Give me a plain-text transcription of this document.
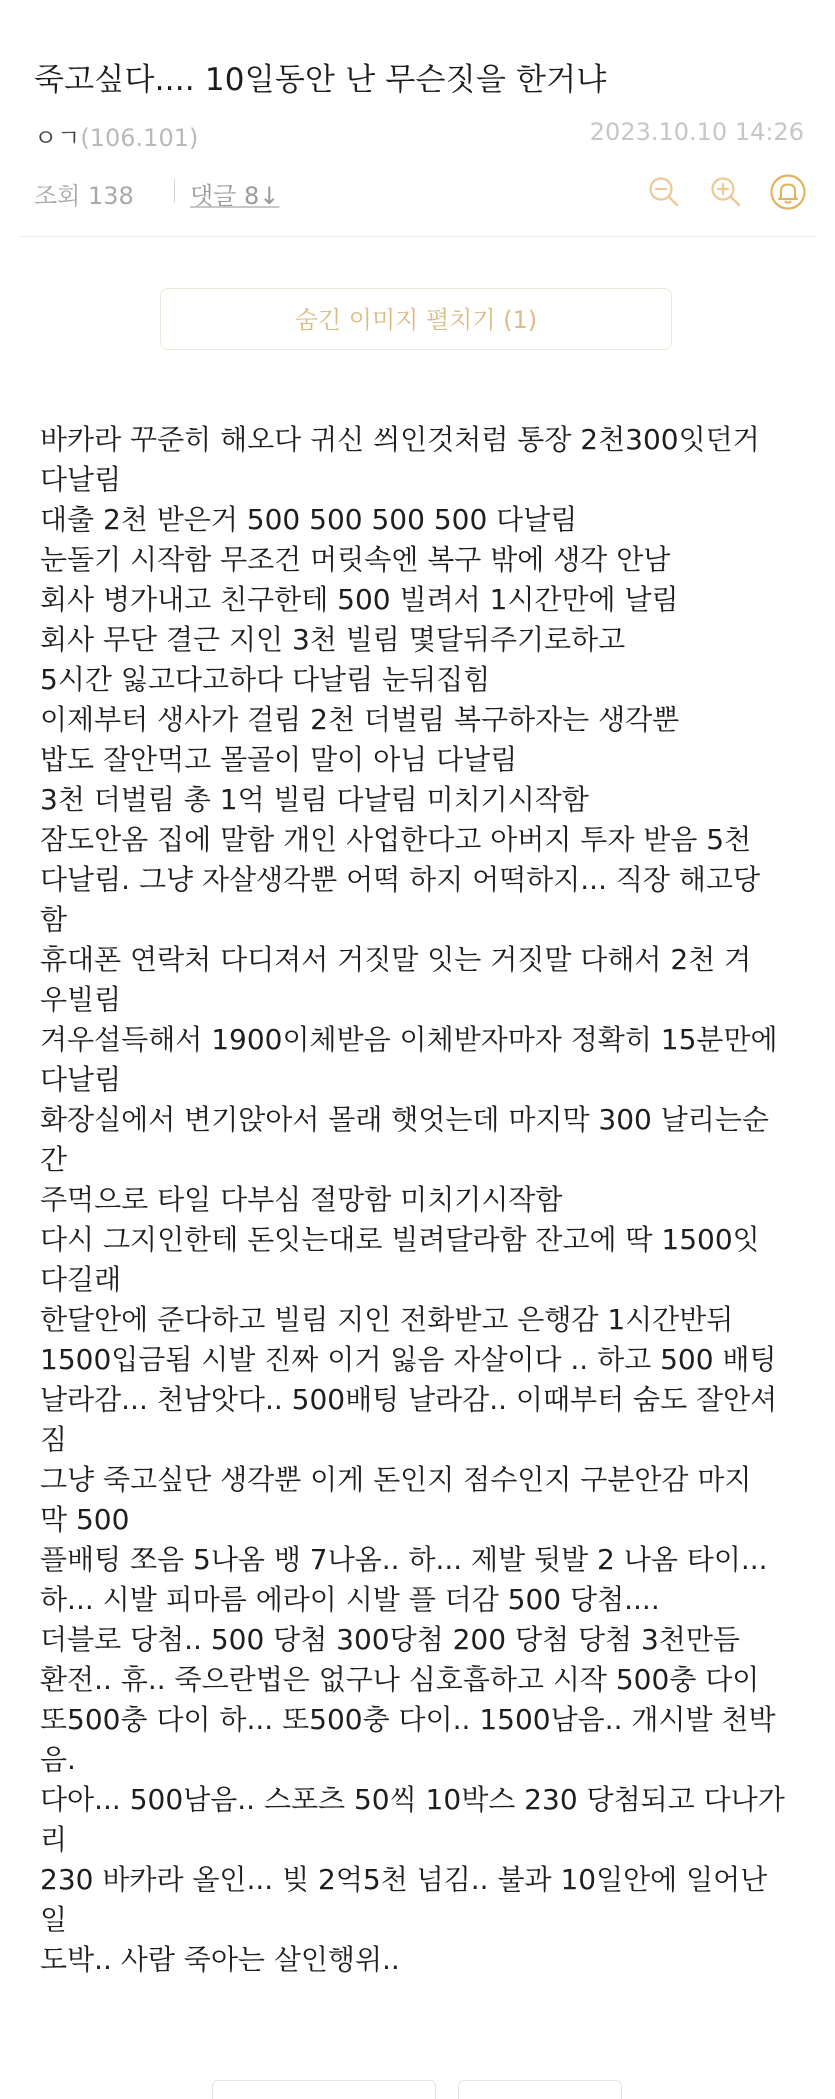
죽고싶다.... 10일동안 난 무슨짓을 한거냐
ㅇㄱ(106.101)	2023.10.10 14:26
조회 138 댓글 8↓
숨긴 이미지 펼치기 (1)
바카라 꾸준히 해오다 귀신 씌인것처럼 통장 2천300잇던거
다날림
대출 2천 받은거 500 500 500 500 다날림
눈돌기 시작함 무조건 머릿속엔 복구 밖에 생각 안남
회사 병가내고 친구한테 500 빌려서 1시간만에 날림
회사 무단 결근 지인 3천 빌림 몇달뒤주기로하고
5시간 잃고다고하다 다날림 눈뒤집힘
이제부터 생사가 걸림 2천 더벌림 복구하자는 생각뿐
밥도 잘안먹고 몰골이 말이 아님 다날림
3천 더벌림 총 1억 빌림 다날림 미치기시작함
잠도안옴 집에 말함 개인 사업한다고 아버지 투자 받음 5천
다날림. 그냥 자살생각뿐 어떡 하지 어떡하지... 직장 해고당
함
휴대폰 연락처 다디져서 거짓말 잇는 거짓말 다해서 2천 겨
우빌림
겨우설득해서 1900이체받음 이체받자마자 정확히 15분만에
다날림
화장실에서 변기앉아서 몰래 햇엇는데 마지막 300 날리는순
간
주먹으로 타일 다부심 절망함 미치기시작함
다시 그지인한테 돈잇는대로 빌려달라함 잔고에 딱 1500잇
다길래
한달안에 준다하고 빌림 지인 전화받고 은행감 1시간반뒤
1500입금됨 시발 진짜 이거 잃음 자살이다 .. 하고 500 배팅
날라감... 천남앗다.. 500배팅 날라감.. 이때부터 숨도 잘안셔
짐
그냥 죽고싶단 생각뿐 이게 돈인지 점수인지 구분안감 마지
막 500
플배팅 쪼음 5나옴 뱅 7나옴.. 하... 제발 뒷발 2 나옴 타이...
하... 시발 피마름 에라이 시발 플 더감 500 당첨....
더블로 당첨.. 500 당첨 300당첨 200 당첨 당첨 3천만듬
환전.. 휴.. 죽으란법은 없구나 심호흡하고 시작 500충 다이
또500충 다이 하... 또500충 다이.. 1500남음.. 개시발 천박
음.
다아... 500남음.. 스포츠 50씩 10박스 230 당첨되고 다나가
리
230 바카라 올인... 빚 2억5천 넘김.. 불과 10일안에 일어난
일
도박.. 사람 죽아는 살인행위..
